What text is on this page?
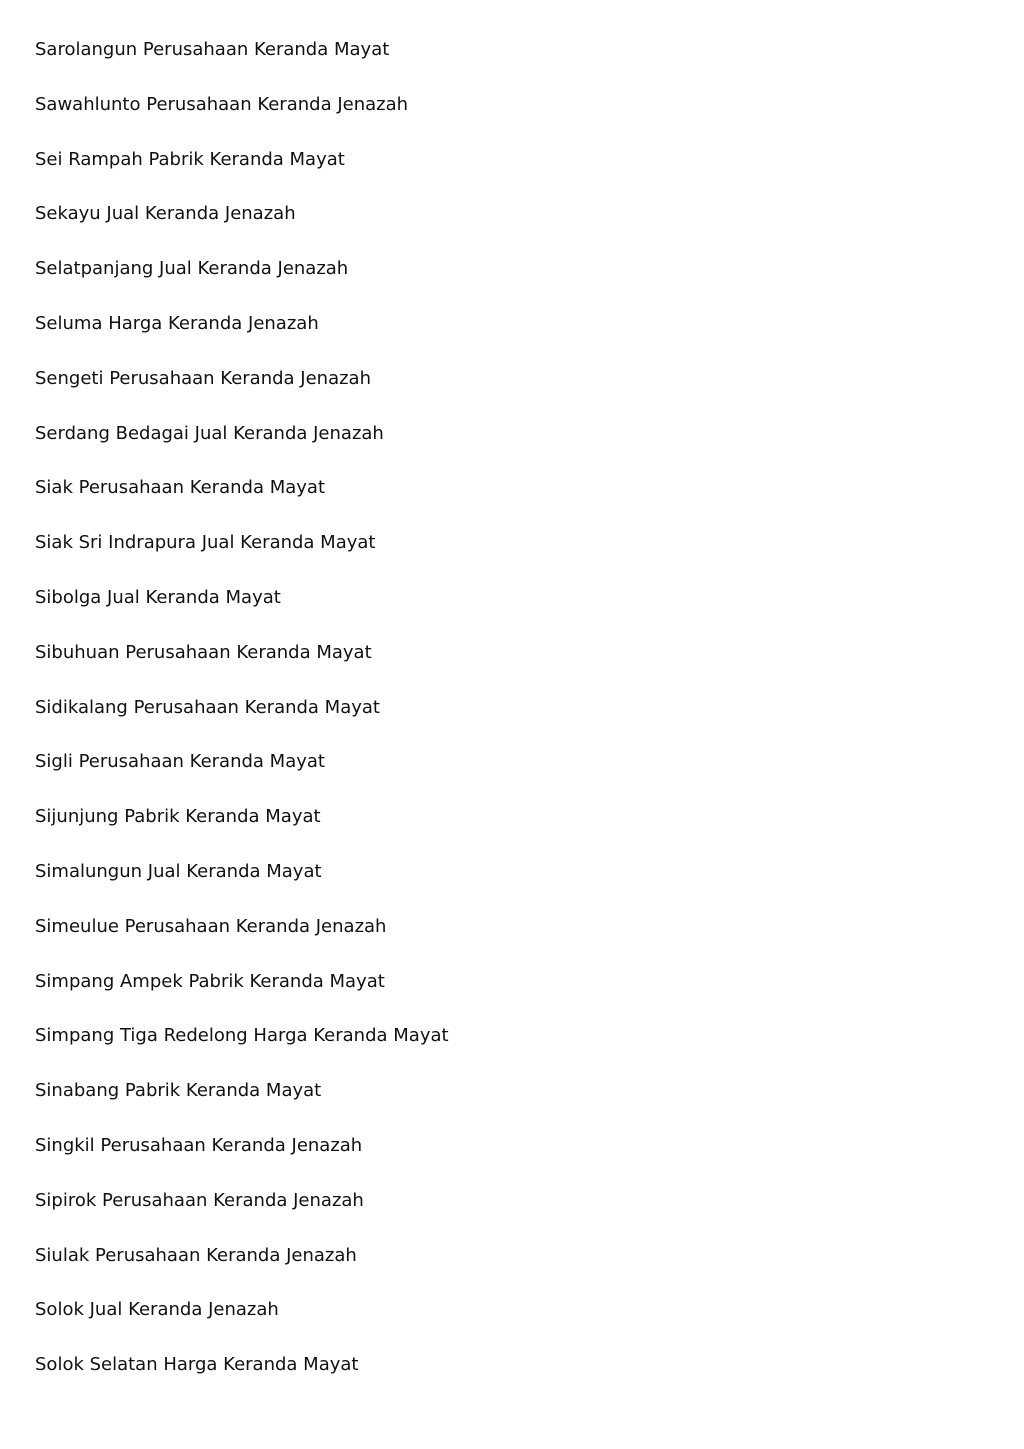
Sarolangun Perusahaan Keranda Mayat
Sawahlunto Perusahaan Keranda Jenazah
Sei Rampah Pabrik Keranda Mayat
Sekayu Jual Keranda Jenazah
Selatpanjang Jual Keranda Jenazah
Seluma Harga Keranda Jenazah
Sengeti Perusahaan Keranda Jenazah
Serdang Bedagai Jual Keranda Jenazah
Siak Perusahaan Keranda Mayat
Siak Sri Indrapura Jual Keranda Mayat
Sibolga Jual Keranda Mayat
Sibuhuan Perusahaan Keranda Mayat
Sidikalang Perusahaan Keranda Mayat
Sigli Perusahaan Keranda Mayat
Sijunjung Pabrik Keranda Mayat
Simalungun Jual Keranda Mayat
Simeulue Perusahaan Keranda Jenazah
Simpang Ampek Pabrik Keranda Mayat
Simpang Tiga Redelong Harga Keranda Mayat
Sinabang Pabrik Keranda Mayat
Singkil Perusahaan Keranda Jenazah
Sipirok Perusahaan Keranda Jenazah
Siulak Perusahaan Keranda Jenazah
Solok Jual Keranda Jenazah
Solok Selatan Harga Keranda Mayat
